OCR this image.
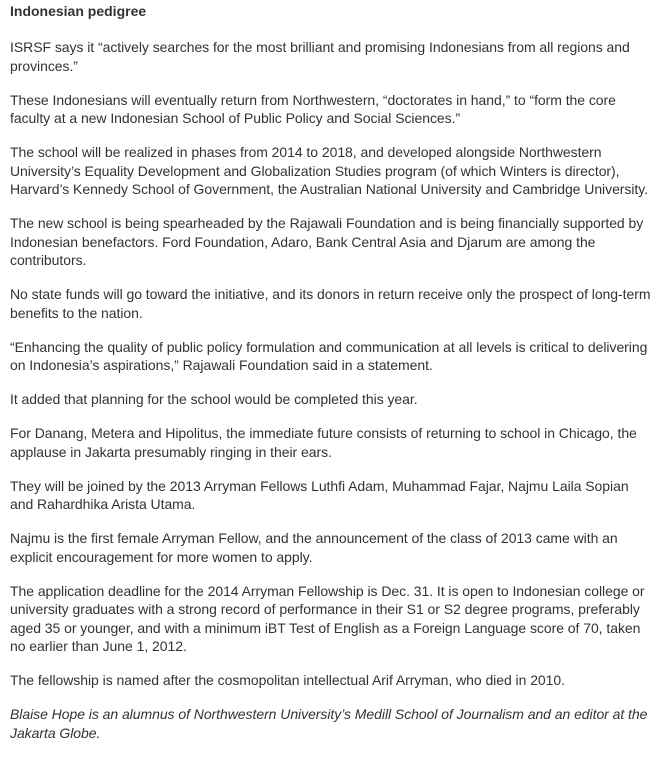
Indonesian pedigree

ISRSF says it “actively searches for the most brilliant and promising Indonesians from all regions and provinces.”

These Indonesians will eventually return from Northwestern, “doctorates in hand,” to “form the core faculty at a new Indonesian School of Public Policy and Social Sciences.”

The school will be realized in phases from 2014 to 2018, and developed alongside Northwestern University’s Equality Development and Globalization Studies program (of which Winters is director), Harvard’s Kennedy School of Government, the Australian National University and Cambridge University.

The new school is being spearheaded by the Rajawali Foundation and is being financially supported by Indonesian benefactors. Ford Foundation, Adaro, Bank Central Asia and Djarum are among the contributors.

No state funds will go toward the initiative, and its donors in return receive only the prospect of long-term benefits to the nation.

“Enhancing the quality of public policy formulation and communication at all levels is critical to delivering on Indonesia’s aspirations,” Rajawali Foundation said in a statement.

It added that planning for the school would be completed this year.

For Danang, Metera and Hipolitus, the immediate future consists of returning to school in Chicago, the applause in Jakarta presumably ringing in their ears.

They will be joined by the 2013 Arryman Fellows Luthfi Adam, Muhammad Fajar, Najmu Laila Sopian and Rahardhika Arista Utama.

Najmu is the first female Arryman Fellow, and the announcement of the class of 2013 came with an explicit encouragement for more women to apply.

The application deadline for the 2014 Arryman Fellowship is Dec. 31. It is open to Indonesian college or university graduates with a strong record of performance in their S1 or S2 degree programs, preferably aged 35 or younger, and with a minimum iBT Test of English as a Foreign Language score of 70, taken no earlier than June 1, 2012.

The fellowship is named after the cosmopolitan intellectual Arif Arryman, who died in 2010.

Blaise Hope is an alumnus of Northwestern University’s Medill School of Journalism and an editor at the Jakarta Globe.
